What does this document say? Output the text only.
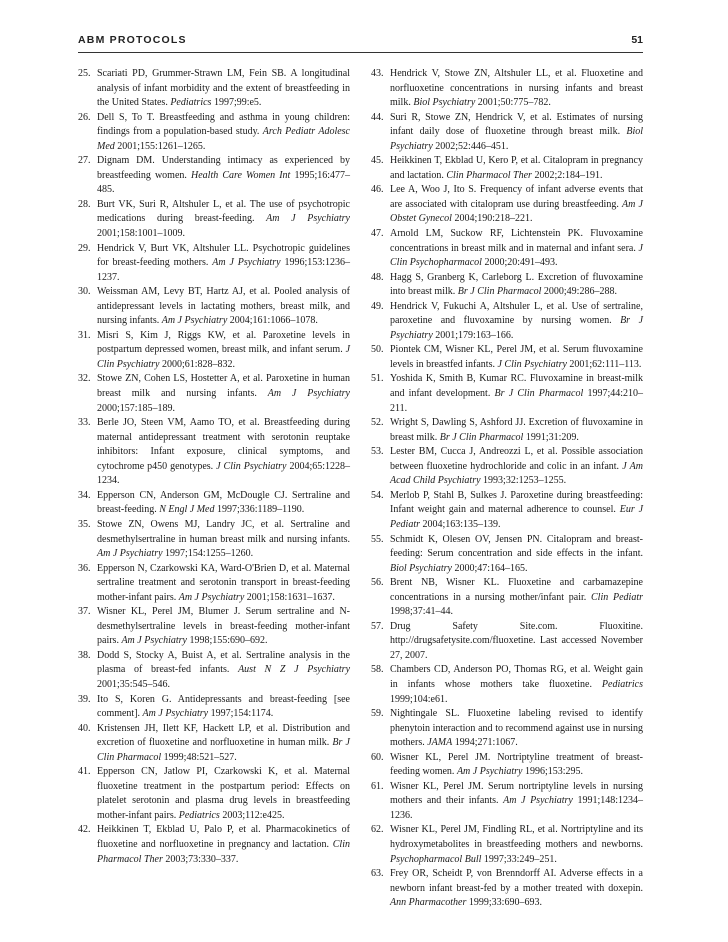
ABM PROTOCOLS	51
25. Scariati PD, Grummer-Strawn LM, Fein SB. A longitudinal analysis of infant morbidity and the extent of breastfeeding in the United States. Pediatrics 1997;99:e5.
26. Dell S, To T. Breastfeeding and asthma in young children: findings from a population-based study. Arch Pediatr Adolesc Med 2001;155:1261–1265.
27. Dignam DM. Understanding intimacy as experienced by breastfeeding women. Health Care Women Int 1995;16:477–485.
28. Burt VK, Suri R, Altshuler L, et al. The use of psychotropic medications during breast-feeding. Am J Psychiatry 2001;158:1001–1009.
29. Hendrick V, Burt VK, Altshuler LL. Psychotropic guidelines for breast-feeding mothers. Am J Psychiatry 1996;153:1236–1237.
30. Weissman AM, Levy BT, Hartz AJ, et al. Pooled analysis of antidepressant levels in lactating mothers, breast milk, and nursing infants. Am J Psychiatry 2004;161:1066–1078.
31. Misri S, Kim J, Riggs KW, et al. Paroxetine levels in postpartum depressed women, breast milk, and infant serum. J Clin Psychiatry 2000;61:828–832.
32. Stowe ZN, Cohen LS, Hostetter A, et al. Paroxetine in human breast milk and nursing infants. Am J Psychiatry 2000;157:185–189.
33. Berle JO, Steen VM, Aamo TO, et al. Breastfeeding during maternal antidepressant treatment with serotonin reuptake inhibitors: Infant exposure, clinical symptoms, and cytochrome p450 genotypes. J Clin Psychiatry 2004;65:1228–1234.
34. Epperson CN, Anderson GM, McDougle CJ. Sertraline and breast-feeding. N Engl J Med 1997;336:1189–1190.
35. Stowe ZN, Owens MJ, Landry JC, et al. Sertraline and desmethylsertraline in human breast milk and nursing infants. Am J Psychiatry 1997;154:1255–1260.
36. Epperson N, Czarkowski KA, Ward-O'Brien D, et al. Maternal sertraline treatment and serotonin transport in breast-feeding mother-infant pairs. Am J Psychiatry 2001;158:1631–1637.
37. Wisner KL, Perel JM, Blumer J. Serum sertraline and N-desmethylsertraline levels in breast-feeding mother-infant pairs. Am J Psychiatry 1998;155:690–692.
38. Dodd S, Stocky A, Buist A, et al. Sertraline analysis in the plasma of breast-fed infants. Aust N Z J Psychiatry 2001;35:545–546.
39. Ito S, Koren G. Antidepressants and breast-feeding [see comment]. Am J Psychiatry 1997;154:1174.
40. Kristensen JH, Ilett KF, Hackett LP, et al. Distribution and excretion of fluoxetine and norfluoxetine in human milk. Br J Clin Pharmacol 1999;48:521–527.
41. Epperson CN, Jatlow PI, Czarkowski K, et al. Maternal fluoxetine treatment in the postpartum period: Effects on platelet serotonin and plasma drug levels in breastfeeding mother-infant pairs. Pediatrics 2003;112:e425.
42. Heikkinen T, Ekblad U, Palo P, et al. Pharmacokinetics of fluoxetine and norfluoxetine in pregnancy and lactation. Clin Pharmacol Ther 2003;73:330–337.
43. Hendrick V, Stowe ZN, Altshuler LL, et al. Fluoxetine and norfluoxetine concentrations in nursing infants and breast milk. Biol Psychiatry 2001;50:775–782.
44. Suri R, Stowe ZN, Hendrick V, et al. Estimates of nursing infant daily dose of fluoxetine through breast milk. Biol Psychiatry 2002;52:446–451.
45. Heikkinen T, Ekblad U, Kero P, et al. Citalopram in pregnancy and lactation. Clin Pharmacol Ther 2002;2:184–191.
46. Lee A, Woo J, Ito S. Frequency of infant adverse events that are associated with citalopram use during breastfeeding. Am J Obstet Gynecol 2004;190:218–221.
47. Arnold LM, Suckow RF, Lichtenstein PK. Fluvoxamine concentrations in breast milk and in maternal and infant sera. J Clin Psychopharmacol 2000;20:491–493.
48. Hagg S, Granberg K, Carleborg L. Excretion of fluvoxamine into breast milk. Br J Clin Pharmacol 2000;49:286–288.
49. Hendrick V, Fukuchi A, Altshuler L, et al. Use of sertraline, paroxetine and fluvoxamine by nursing women. Br J Psychiatry 2001;179:163–166.
50. Piontek CM, Wisner KL, Perel JM, et al. Serum fluvoxamine levels in breastfed infants. J Clin Psychiatry 2001;62:111–113.
51. Yoshida K, Smith B, Kumar RC. Fluvoxamine in breast-milk and infant development. Br J Clin Pharmacol 1997;44:210–211.
52. Wright S, Dawling S, Ashford JJ. Excretion of fluvoxamine in breast milk. Br J Clin Pharmacol 1991;31:209.
53. Lester BM, Cucca J, Andreozzi L, et al. Possible association between fluoxetine hydrochloride and colic in an infant. J Am Acad Child Psychiatry 1993;32:1253–1255.
54. Merlob P, Stahl B, Sulkes J. Paroxetine during breastfeeding: Infant weight gain and maternal adherence to counsel. Eur J Pediatr 2004;163:135–139.
55. Schmidt K, Olesen OV, Jensen PN. Citalopram and breast-feeding: Serum concentration and side effects in the infant. Biol Psychiatry 2000;47:164–165.
56. Brent NB, Wisner KL. Fluoxetine and carbamazepine concentrations in a nursing mother/infant pair. Clin Pediatr 1998;37:41–44.
57. Drug Safety Site.com. Fluoxitine. http://drugsafetysite.com/fluoxetine. Last accessed November 27, 2007.
58. Chambers CD, Anderson PO, Thomas RG, et al. Weight gain in infants whose mothers take fluoxetine. Pediatrics 1999;104:e61.
59. Nightingale SL. Fluoxetine labeling revised to identify phenytoin interaction and to recommend against use in nursing mothers. JAMA 1994;271:1067.
60. Wisner KL, Perel JM. Nortriptyline treatment of breast-feeding women. Am J Psychiatry 1996;153:295.
61. Wisner KL, Perel JM. Serum nortriptyline levels in nursing mothers and their infants. Am J Psychiatry 1991;148:1234–1236.
62. Wisner KL, Perel JM, Findling RL, et al. Nortriptyline and its hydroxymetabolites in breastfeeding mothers and newborns. Psychopharmacol Bull 1997;33:249–251.
63. Frey OR, Scheidt P, von Brenndorff AI. Adverse effects in a newborn infant breast-fed by a mother treated with doxepin. Ann Pharmacother 1999;33:690–693.
